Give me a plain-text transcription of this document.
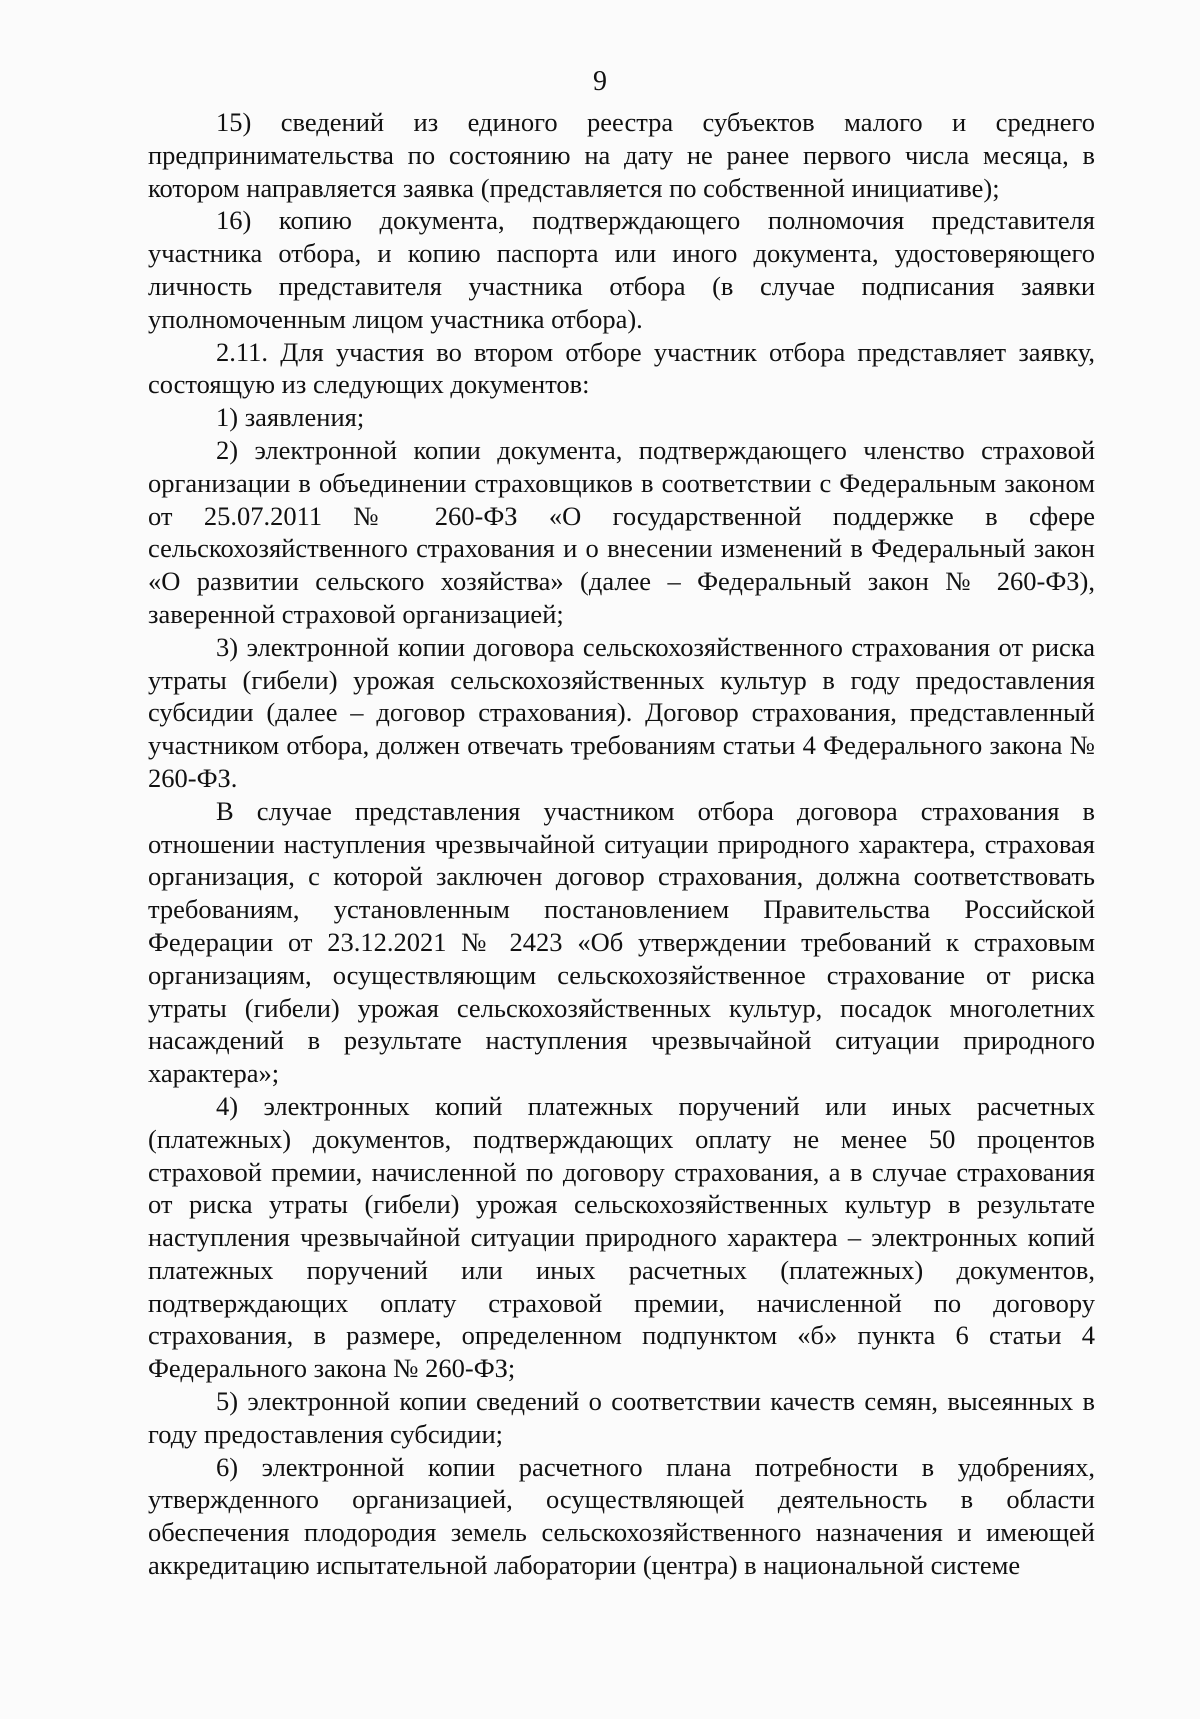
9

15) сведений из единого реестра субъектов малого и среднего предпринимательства по состоянию на дату не ранее первого числа месяца, в котором направляется заявка (представляется по собственной инициативе);

16) копию документа, подтверждающего полномочия представителя участника отбора, и копию паспорта или иного документа, удостоверяющего личность представителя участника отбора (в случае подписания заявки уполномоченным лицом участника отбора).

2.11. Для участия во втором отборе участник отбора представляет заявку, состоящую из следующих документов:

1) заявления;

2) электронной копии документа, подтверждающего членство страховой организации в объединении страховщиков в соответствии с Федеральным законом от 25.07.2011 № 260-ФЗ «О государственной поддержке в сфере сельскохозяйственного страхования и о внесении изменений в Федеральный закон «О развитии сельского хозяйства» (далее – Федеральный закон № 260-ФЗ), заверенной страховой организацией;

3) электронной копии договора сельскохозяйственного страхования от риска утраты (гибели) урожая сельскохозяйственных культур в году предоставления субсидии (далее – договор страхования). Договор страхования, представленный участником отбора, должен отвечать требованиям статьи 4 Федерального закона № 260-ФЗ.

В случае представления участником отбора договора страхования в отношении наступления чрезвычайной ситуации природного характера, страховая организация, с которой заключен договор страхования, должна соответствовать требованиям, установленным постановлением Правительства Российской Федерации от 23.12.2021 № 2423 «Об утверждении требований к страховым организациям, осуществляющим сельскохозяйственное страхование от риска утраты (гибели) урожая сельскохозяйственных культур, посадок многолетних насаждений в результате наступления чрезвычайной ситуации природного характера»;

4) электронных копий платежных поручений или иных расчетных (платежных) документов, подтверждающих оплату не менее 50 процентов страховой премии, начисленной по договору страхования, а в случае страхования от риска утраты (гибели) урожая сельскохозяйственных культур в результате наступления чрезвычайной ситуации природного характера – электронных копий платежных поручений или иных расчетных (платежных) документов, подтверждающих оплату страховой премии, начисленной по договору страхования, в размере, определенном подпунктом «б» пункта 6 статьи 4 Федерального закона № 260-ФЗ;

5) электронной копии сведений о соответствии качеств семян, высеянных в году предоставления субсидии;

6) электронной копии расчетного плана потребности в удобрениях, утвержденного организацией, осуществляющей деятельность в области обеспечения плодородия земель сельскохозяйственного назначения и имеющей аккредитацию испытательной лаборатории (центра) в национальной системе
